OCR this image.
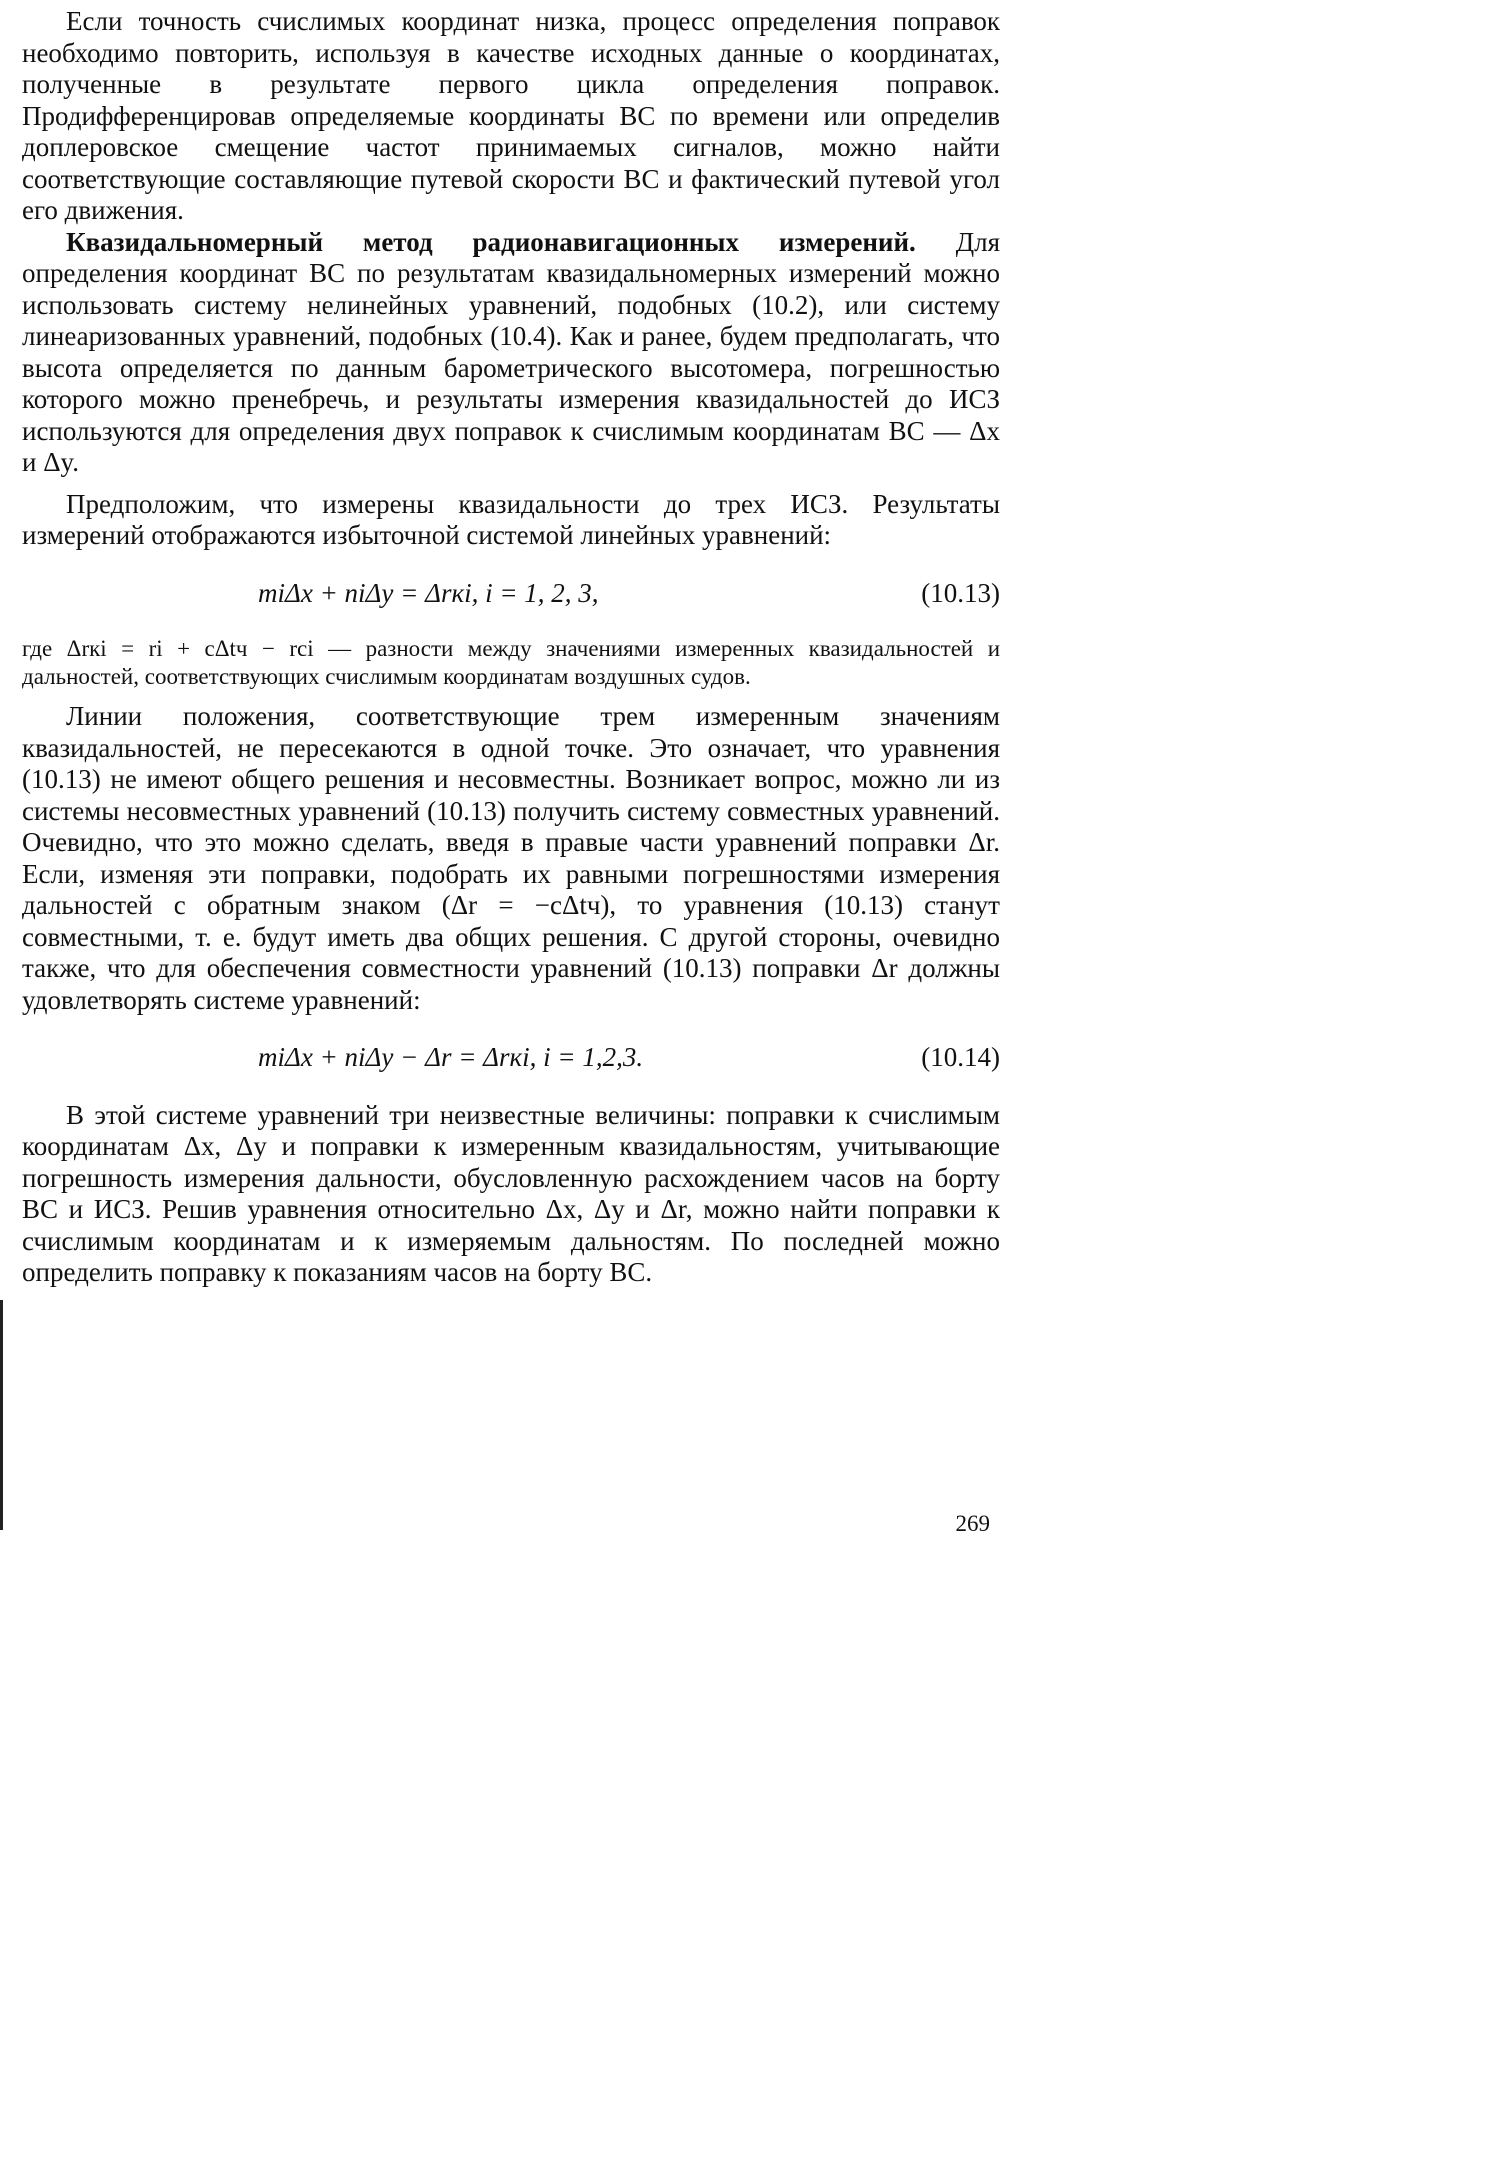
Если точность счислимых координат низка, процесс определения поправок необходимо повторить, используя в качестве исходных данные о координатах, полученные в результате первого цикла определения поправок. Продифференцировав определяемые координаты ВС по времени или определив доплеровское смещение частот принимаемых сигналов, можно найти соответствующие составляющие путевой скорости ВС и фактический путевой угол его движения.

Квазидальномерный метод радионавигационных измерений. Для определения координат ВС по результатам квазидальномерных измерений можно использовать систему нелинейных уравнений, подобных (10.2), или систему линеаризованных уравнений, подобных (10.4). Как и ранее, будем предполагать, что высота определяется по данным барометрического высотомера, погрешностью которого можно пренебречь, и результаты измерения квазидальностей до ИСЗ используются для определения двух поправок к счислимым координатам ВС — Δx и Δy.

Предположим, что измерены квазидальности до трех ИСЗ. Результаты измерений отображаются избыточной системой линейных уравнений:

miΔx + niΔy = Δrкi, i = 1, 2, 3,	(10.13)

где Δrкi = ri + cΔtч − rci — разности между значениями измеренных квазидальностей и дальностей, соответствующих счислимым координатам воздушных судов.

Линии положения, соответствующие трем измеренным значениям квазидальностей, не пересекаются в одной точке. Это означает, что уравнения (10.13) не имеют общего решения и несовместны. Возникает вопрос, можно ли из системы несовместных уравнений (10.13) получить систему совместных уравнений. Очевидно, что это можно сделать, введя в правые части уравнений поправки Δr. Если, изменяя эти поправки, подобрать их равными погрешностями измерения дальностей с обратным знаком (Δr = −cΔtч), то уравнения (10.13) станут совместными, т. е. будут иметь два общих решения. С другой стороны, очевидно также, что для обеспечения совместности уравнений (10.13) поправки Δr должны удовлетворять системе уравнений:

miΔx + niΔy − Δr = Δrкi, i = 1,2,3.	(10.14)

В этой системе уравнений три неизвестные величины: поправки к счислимым координатам Δx, Δy и поправки к измеренным квазидальностям, учитывающие погрешность измерения дальности, обусловленную расхождением часов на борту ВС и ИСЗ. Решив уравнения относительно Δx, Δy и Δr, можно найти поправки к счислимым координатам и к измеряемым дальностям. По последней можно определить поправку к показаниям часов на борту ВС.

269
